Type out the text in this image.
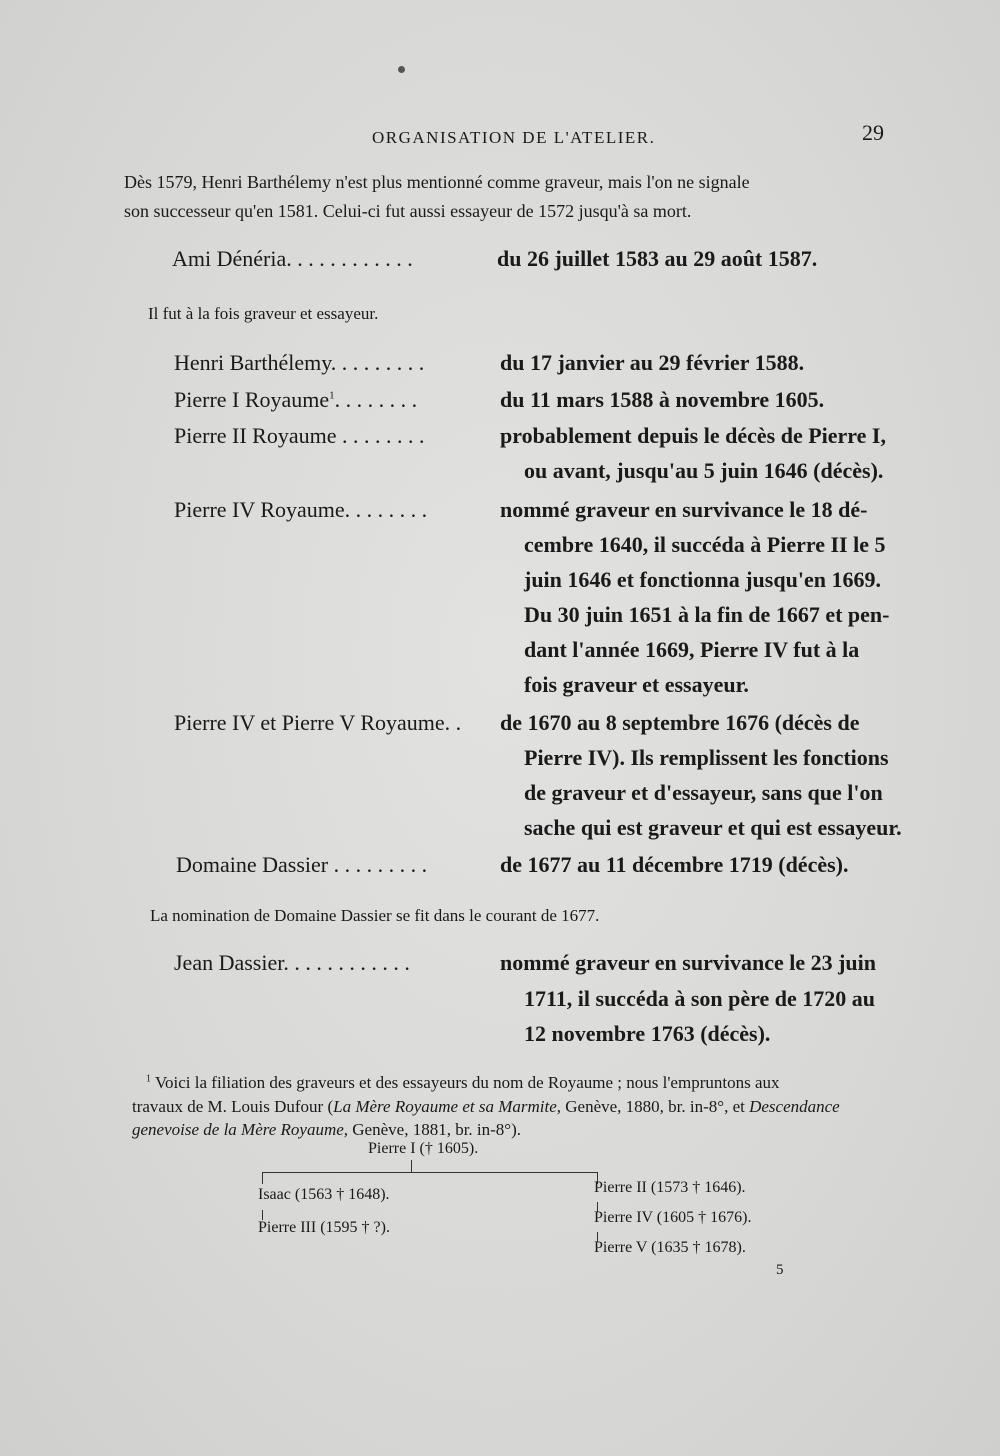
ORGANISATION DE L'ATELIER.	29
Dès 1579, Henri Barthélemy n'est plus mentionné comme graveur, mais l'on ne signale
son successeur qu'en 1581. Celui-ci fut aussi essayeur de 1572 jusqu'à sa mort.
Ami Dénéria. . . . . . . . . . . .	du 26 juillet 1583 au 29 août 1587.
Il fut à la fois graveur et essayeur.
Henri Barthélemy. . . . . . . . .	du 17 janvier au 29 février 1588.
Pierre I Royaume$^1$. . . . . . . .	du 11 mars 1588 à novembre 1605.
Pierre II Royaume . . . . . . . .	probablement depuis le décès de Pierre I,
ou avant, jusqu'au 5 juin 1646 (décès).
Pierre IV Royaume. . . . . . . .	nommé graveur en survivance le 18 dé-
cembre 1640, il succéda à Pierre II le 5
juin 1646 et fonctionna jusqu'en 1669.
Du 30 juin 1651 à la fin de 1667 et pen-
dant l'année 1669, Pierre IV fut à la
fois graveur et essayeur.
Pierre IV et Pierre V Royaume. . de 1670 au 8 septembre 1676 (décès de
Pierre IV). Ils remplissent les fonctions
de graveur et d'essayeur, sans que l'on
sache qui est graveur et qui est essayeur.
Domaine Dassier . . . . . . . . .	de 1677 au 11 décembre 1719 (décès).
La nomination de Domaine Dassier se fit dans le courant de 1677.
Jean Dassier. . . . . . . . . . . .	nommé graveur en survivance le 23 juin
1711, il succéda à son père de 1720 au
12 novembre 1763 (décès).
$^1$ Voici la filiation des graveurs et des essayeurs du nom de Royaume ; nous l'empruntons aux
travaux de M. Louis Dufour (La Mère Royaume et sa Marmite, Genève, 1880, br. in-8°, et Descendance
genevoise de la Mère Royaume, Genève, 1881, br. in-8°).
Pierre I († 1605).
Isaac (1563 † 1648).
Pierre III (1595 † ?).
Pierre II (1573 † 1646).
Pierre IV (1605 † 1676).
Pierre V (1635 † 1678).
5
